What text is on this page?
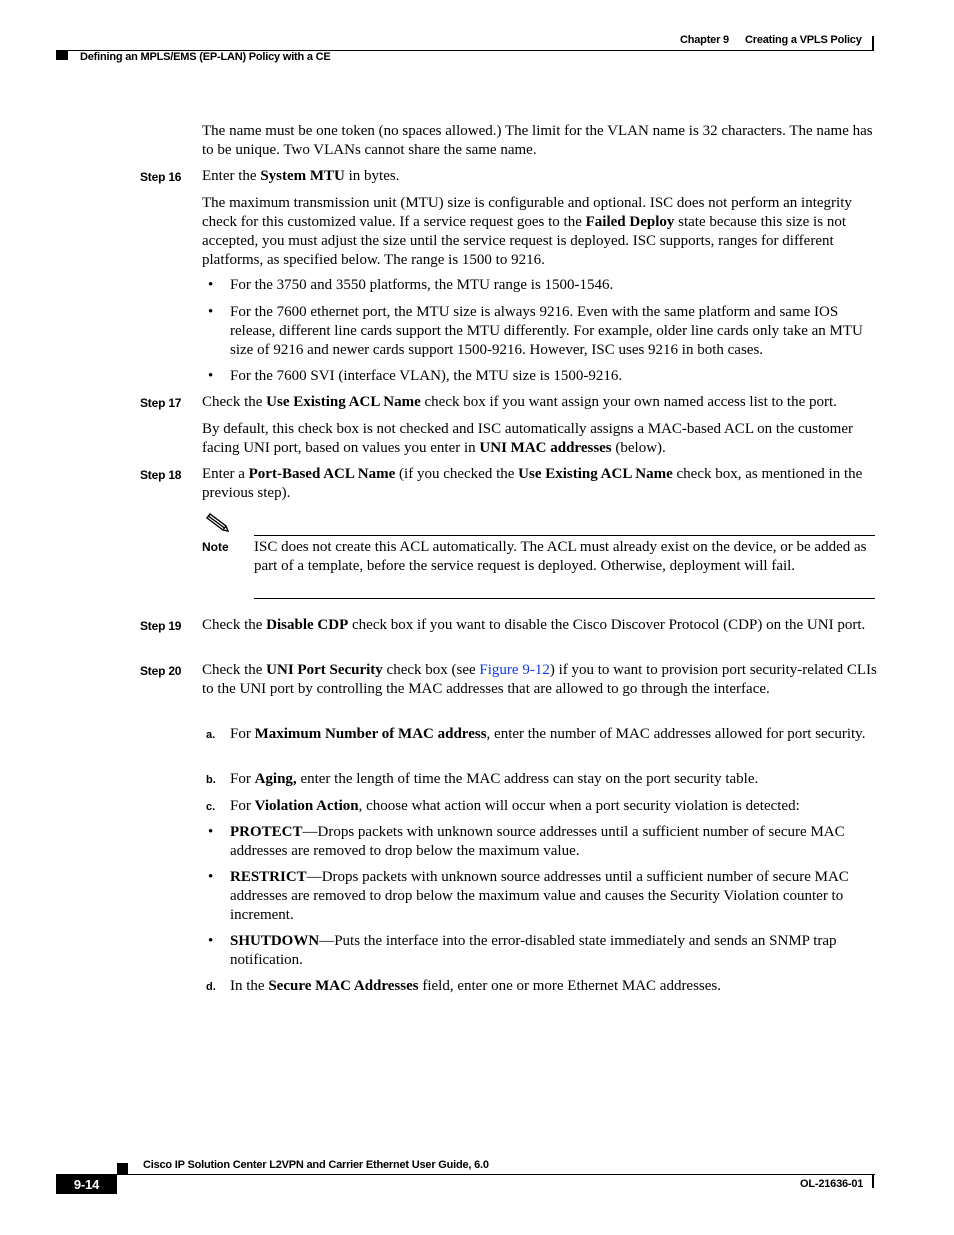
Chapter 9 Creating a VPLS Policy
Defining an MPLS/EMS (EP-LAN) Policy with a CE
The name must be one token (no spaces allowed.) The limit for the VLAN name is 32 characters. The name has to be unique. Two VLANs cannot share the same name.
Step 16 Enter the System MTU in bytes.
The maximum transmission unit (MTU) size is configurable and optional. ISC does not perform an integrity check for this customized value. If a service request goes to the Failed Deploy state because this size is not accepted, you must adjust the size until the service request is deployed. ISC supports, ranges for different platforms, as specified below. The range is 1500 to 9216.
• For the 3750 and 3550 platforms, the MTU range is 1500-1546.
• For the 7600 ethernet port, the MTU size is always 9216. Even with the same platform and same IOS release, different line cards support the MTU differently. For example, older line cards only take an MTU size of 9216 and newer cards support 1500-9216. However, ISC uses 9216 in both cases.
• For the 7600 SVI (interface VLAN), the MTU size is 1500-9216.
Step 17 Check the Use Existing ACL Name check box if you want assign your own named access list to the port.
By default, this check box is not checked and ISC automatically assigns a MAC-based ACL on the customer facing UNI port, based on values you enter in UNI MAC addresses (below).
Step 18 Enter a Port-Based ACL Name (if you checked the Use Existing ACL Name check box, as mentioned in the previous step).
Note ISC does not create this ACL automatically. The ACL must already exist on the device, or be added as part of a template, before the service request is deployed. Otherwise, deployment will fail.
Step 19 Check the Disable CDP check box if you want to disable the Cisco Discover Protocol (CDP) on the UNI port.
Step 20 Check the UNI Port Security check box (see Figure 9-12) if you to want to provision port security-related CLIs to the UNI port by controlling the MAC addresses that are allowed to go through the interface.
a. For Maximum Number of MAC address, enter the number of MAC addresses allowed for port security.
b. For Aging, enter the length of time the MAC address can stay on the port security table.
c. For Violation Action, choose what action will occur when a port security violation is detected:
• PROTECT—Drops packets with unknown source addresses until a sufficient number of secure MAC addresses are removed to drop below the maximum value.
• RESTRICT—Drops packets with unknown source addresses until a sufficient number of secure MAC addresses are removed to drop below the maximum value and causes the Security Violation counter to increment.
• SHUTDOWN—Puts the interface into the error-disabled state immediately and sends an SNMP trap notification.
d. In the Secure MAC Addresses field, enter one or more Ethernet MAC addresses.
Cisco IP Solution Center L2VPN and Carrier Ethernet User Guide, 6.0
9-14	OL-21636-01
